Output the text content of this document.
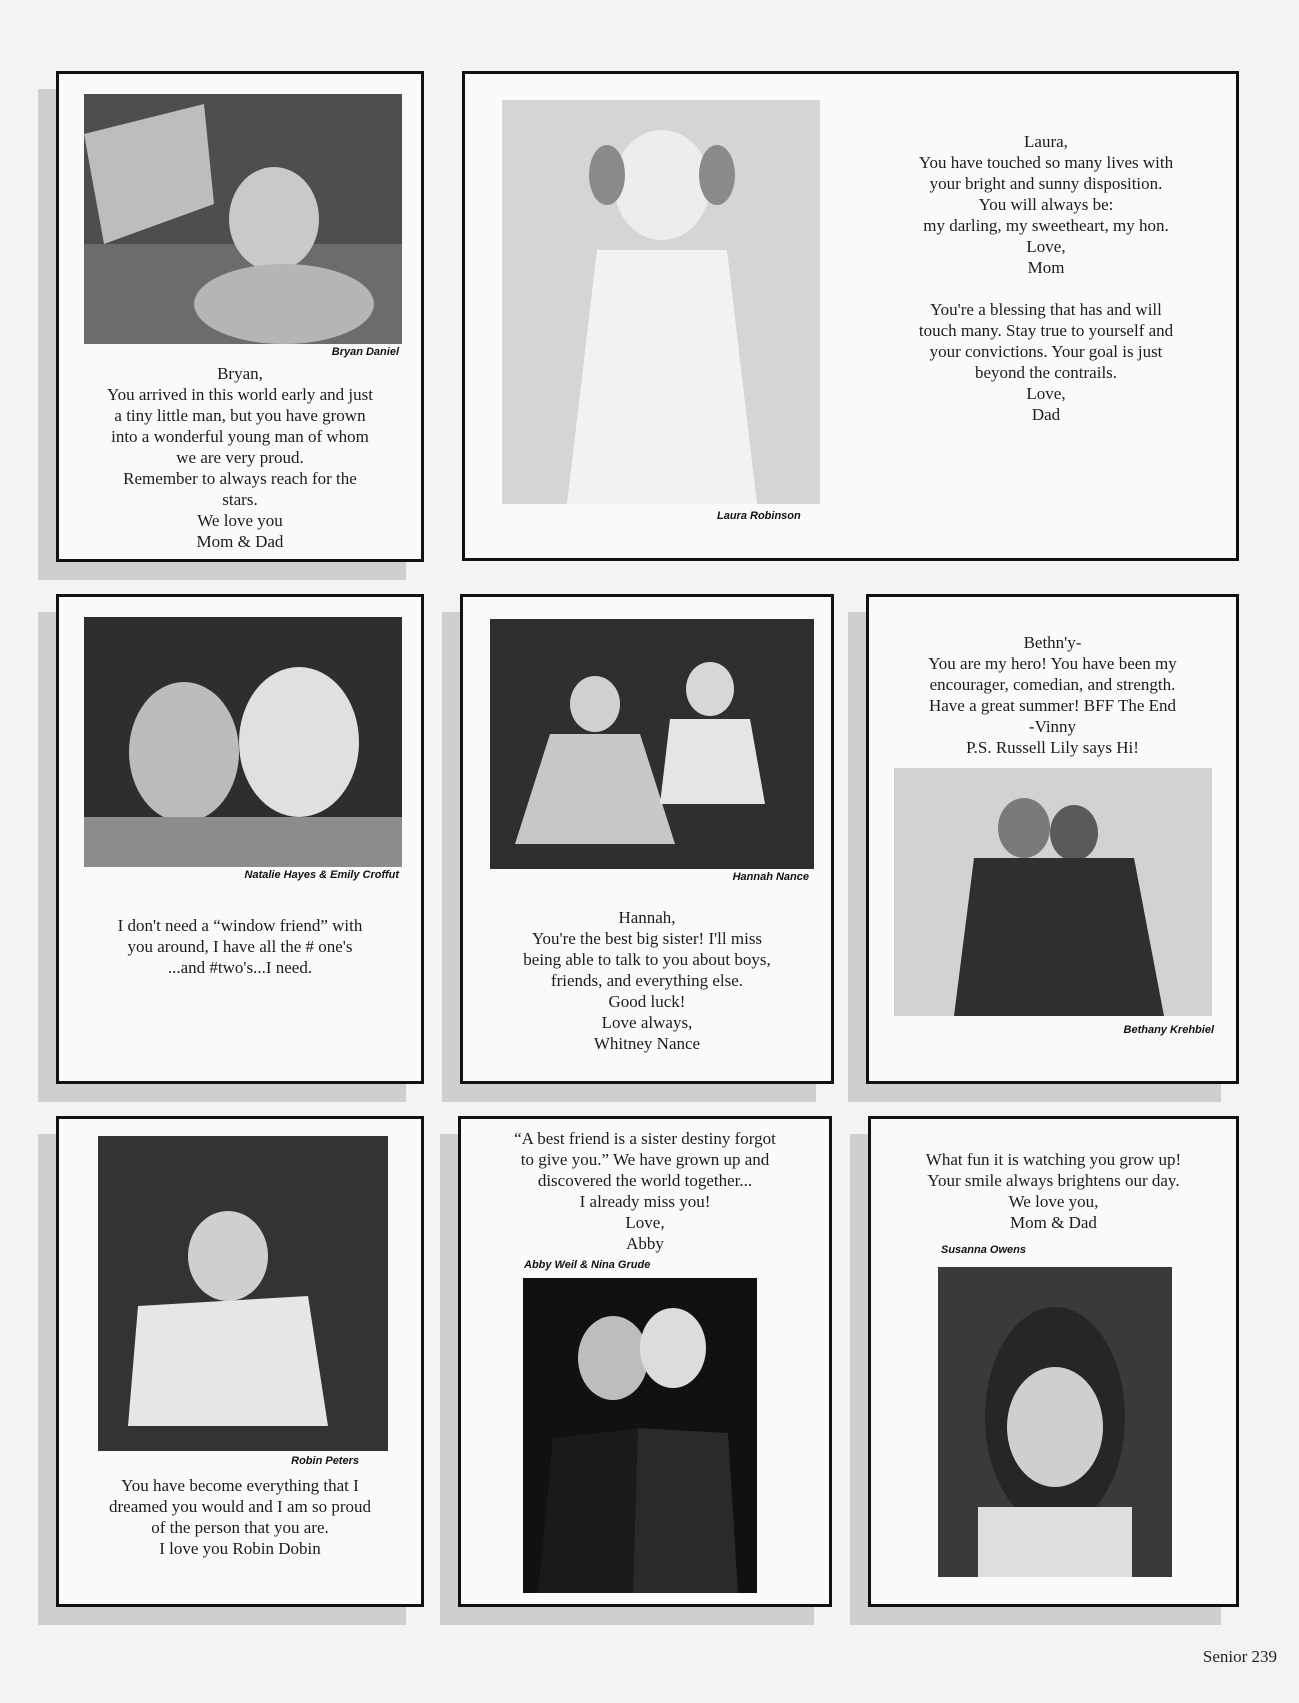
Bryan Daniel
Bryan,
You arrived in this world early and just
a tiny little man, but you have grown
into a wonderful young man of whom
we are very proud.
Remember to always reach for the
stars.
We love you
Mom & Dad
Laura Robinson
Laura,
You have touched so many lives with
your bright and sunny disposition.
You will always be:
my darling, my sweetheart, my hon.
Love,
Mom
You're a blessing that has and will
touch many. Stay true to yourself and
your convictions. Your goal is just
beyond the contrails.
Love,
Dad
Natalie Hayes & Emily Croffut
I don't need a “window friend” with
you around, I have all the # one's
...and #two's...I need.
Hannah Nance
Hannah,
You're the best big sister! I'll miss
being able to talk to you about boys,
friends, and everything else.
Good luck!
Love always,
Whitney Nance
Bethn'y-
You are my hero! You have been my
encourager, comedian, and strength.
Have a great summer! BFF The End
-Vinny
P.S. Russell Lily says Hi!
Bethany Krehbiel
Robin Peters
You have become everything that I
dreamed you would and I am so proud
of the person that you are.
I love you Robin Dobin
“A best friend is a sister destiny forgot
to give you.” We have grown up and
discovered the world together...
I already miss you!
Love,
Abby
Abby Weil & Nina Grude
What fun it is watching you grow up!
Your smile always brightens our day.
We love you,
Mom & Dad
Susanna Owens
Senior 239
